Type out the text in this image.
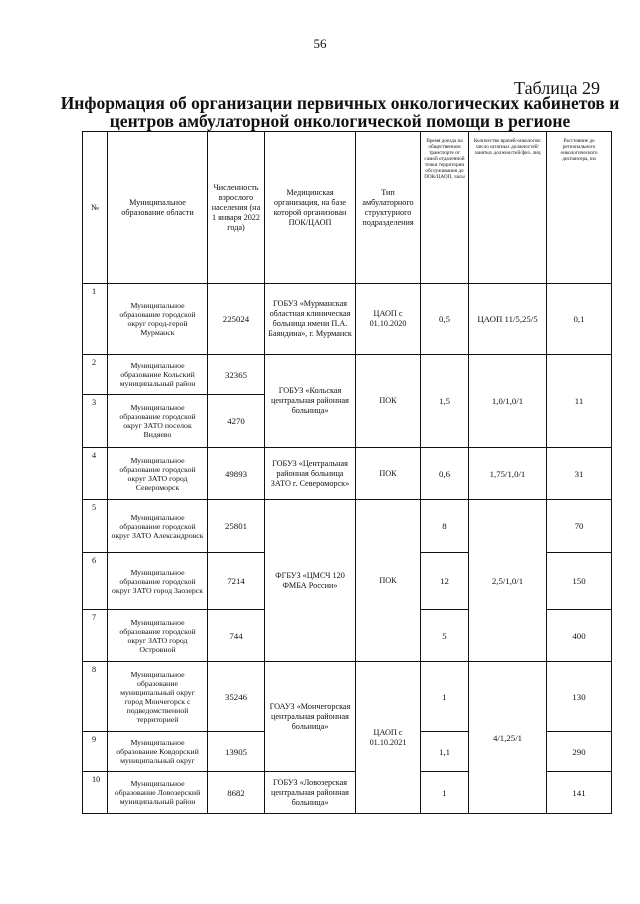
56
Таблица 29
Информация об организации первичных онкологических кабинетов и
центров амбулаторной онкологической помощи в регионе
№	Муниципальное образование области	Численность взрослого населения (на 1 января 2022 года)	Медицинская организация, на базе которой организован ПОК/ЦАОП	Тип амбулаторного структурного подразделения	Время доезда на общественном транспорте от самой отдаленной точки территории обслуживания до ПОК/ЦАОП, часы	Количество врачей-онкологов: число штатных должностей/занятых должностей/физ. лиц	Расстояние до регионального онкологического диспансера, км
1	Муниципальное образование городской округ город-герой Мурманск	225024	ГОБУЗ «Мурманская областная клиническая больница имени П.А. Баяндина», г. Мурманск	ЦАОП с 01.10.2020	0,5	ЦАОП 11/5,25/5	0,1
2	Муниципальное образование Кольский муниципальный район	32365	ГОБУЗ «Кольская центральная районная больница»	ПОК	1,5	1,0/1,0/1	11
3	Муниципальное образование городской округ ЗАТО поселок Видяево	4270					
4	Муниципальное образование городской округ ЗАТО город Североморск	49893	ГОБУЗ «Центральная районная больница ЗАТО г. Североморск»	ПОК	0,6	1,75/1,0/1	31
5	Муниципальное образование городской округ ЗАТО Александровск	25801	ФГБУЗ «ЦМСЧ 120 ФМБА России»	ПОК	8	2,5/1,0/1	70
6	Муниципальное образование городской округ ЗАТО город Заозерск	7214			12		150
7	Муниципальное образование городской округ ЗАТО город Островной	744			5		400
8	Муниципальное образование муниципальный округ город Мончегорск с подведомственной территорией	35246	ГОАУЗ «Мончегорская центральная районная больница»	ЦАОП с 01.10.2021	1	4/1,25/1	130
9	Муниципальное образование Ковдорский муниципальный округ	13905			1,1		290
10	Муниципальное образование Ловозерский муниципальный район	8682	ГОБУЗ «Ловозерская центральная районная больница»		1		141
